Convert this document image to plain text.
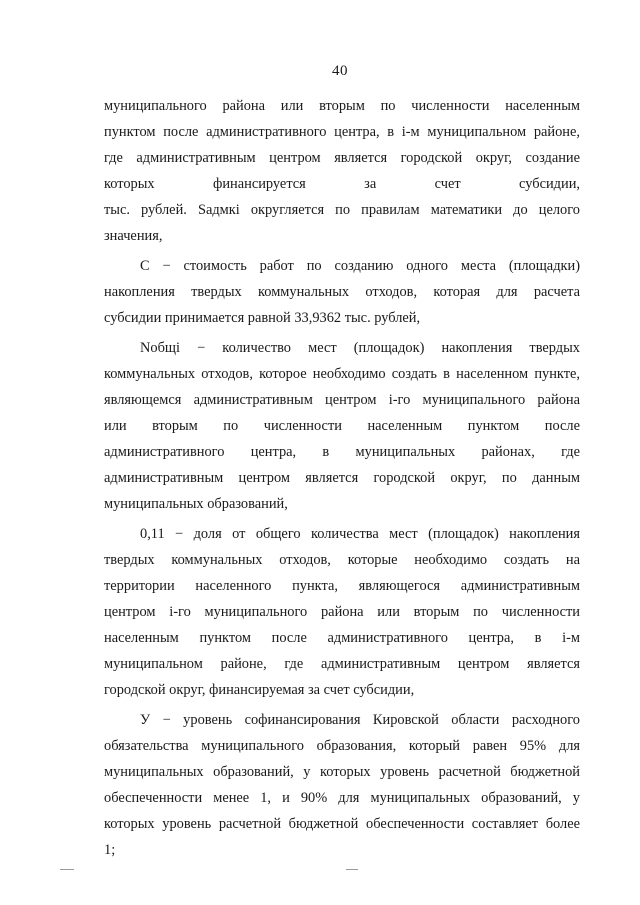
40
муниципального района или вторым по численности населенным
пунктом после административного центра, в i-м муниципальном районе,
где административным центром является городской округ, создание
которых финансируется за счет субсидии,
тыс. рублей. Sадмкi округляется по правилам математики до целого
значения,
С − стоимость работ по созданию одного места (площадки)
накопления твердых коммунальных отходов, которая для расчета
субсидии принимается равной 33,9362 тыс. рублей,
Nобщi − количество мест (площадок) накопления твердых
коммунальных отходов, которое необходимо создать в населенном пункте,
являющемся административным центром i-го муниципального района
или вторым по численности населенным пунктом после
административного центра, в муниципальных районах, где
административным центром является городской округ, по данным
муниципальных образований,
0,11 − доля от общего количества мест (площадок) накопления
твердых коммунальных отходов, которые необходимо создать на
территории населенного пункта, являющегося административным
центром i-го муниципального района или вторым по численности
населенным пунктом после административного центра, в i-м
муниципальном районе, где административным центром является
городской округ, финансируемая за счет субсидии,
У − уровень софинансирования Кировской области расходного
обязательства муниципального образования, который равен 95% для
муниципальных образований, у которых уровень расчетной бюджетной
обеспеченности менее 1, и 90% для муниципальных образований, у
которых уровень расчетной бюджетной обеспеченности составляет более
1;
